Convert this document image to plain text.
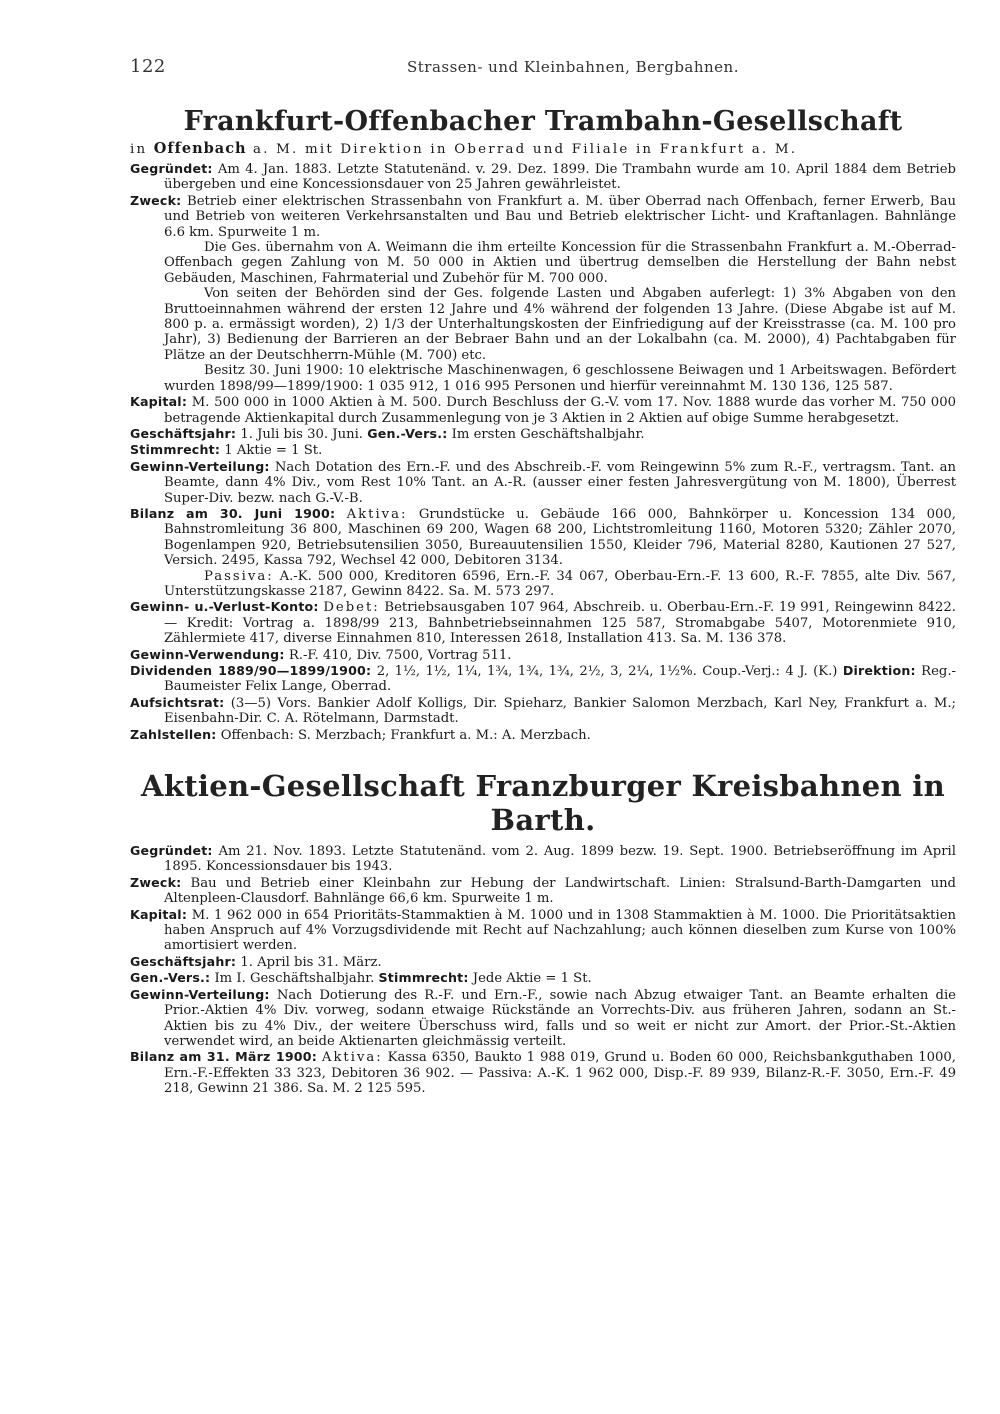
122	Strassen- und Kleinbahnen, Bergbahnen.
Frankfurt-Offenbacher Trambahn-Gesellschaft
in Offenbach a. M. mit Direktion in Oberrad und Filiale in Frankfurt a. M.

Gegründet: Am 4. Jan. 1883. Letzte Statutenänd. v. 29. Dez. 1899. Die Trambahn wurde am 10. April 1884 dem Betrieb übergeben und eine Koncessionsdauer von 25 Jahren gewährleistet.

Zweck: Betrieb einer elektrischen Strassenbahn von Frankfurt a. M. über Oberrad nach Offenbach, ferner Erwerb, Bau und Betrieb von weiteren Verkehrsanstalten und Bau und Betrieb elektrischer Licht- und Kraftanlagen. Bahnlänge 6.6 km. Spurweite 1 m.

Die Ges. übernahm von A. Weimann die ihm erteilte Koncession für die Strassenbahn Frankfurt a. M.-Oberrad-Offenbach gegen Zahlung von M. 50 000 in Aktien und übertrug demselben die Herstellung der Bahn nebst Gebäuden, Maschinen, Fahrmaterial und Zubehör für M. 700 000.

Von seiten der Behörden sind der Ges. folgende Lasten und Abgaben auferlegt: 1) 3% Abgaben von den Bruttoeinnahmen während der ersten 12 Jahre und 4% während der folgenden 13 Jahre. (Diese Abgabe ist auf M. 800 p. a. ermässigt worden), 2) 1/3 der Unterhaltungskosten der Einfriedigung auf der Kreisstrasse (ca. M. 100 pro Jahr), 3) Bedienung der Barrieren an der Bebraer Bahn und an der Lokalbahn (ca. M. 2000), 4) Pachtabgaben für Plätze an der Deutschherrn-Mühle (M. 700) etc.

Besitz 30. Juni 1900: 10 elektrische Maschinenwagen, 6 geschlossene Beiwagen und 1 Arbeitswagen. Befördert wurden 1898/99—1899/1900: 1 035 912, 1 016 995 Personen und hierfür vereinnahmt M. 130 136, 125 587.

Kapital: M. 500 000 in 1000 Aktien à M. 500. Durch Beschluss der G.-V. vom 17. Nov. 1888 wurde das vorher M. 750 000 betragende Aktienkapital durch Zusammenlegung von je 3 Aktien in 2 Aktien auf obige Summe herabgesetzt.

Geschäftsjahr: 1. Juli bis 30. Juni. Gen.-Vers.: Im ersten Geschäftshalbjahr.

Stimmrecht: 1 Aktie = 1 St.

Gewinn-Verteilung: Nach Dotation des Ern.-F. und des Abschreib.-F. vom Reingewinn 5% zum R.-F., vertragsm. Tant. an Beamte, dann 4% Div., vom Rest 10% Tant. an A.-R. (ausser einer festen Jahresvergütung von M. 1800), Überrest Super-Div. bezw. nach G.-V.-B.

Bilanz am 30. Juni 1900: Aktiva: Grundstücke u. Gebäude 166 000, Bahnkörper u. Koncession 134 000, Bahnstromleitung 36 800, Maschinen 69 200, Wagen 68 200, Lichtstromleitung 1160, Motoren 5320; Zähler 2070, Bogenlampen 920, Betriebsutensilien 3050, Bureauutensilien 1550, Kleider 796, Material 8280, Kautionen 27 527, Versich. 2495, Kassa 792, Wechsel 42 000, Debitoren 3134.

Passiva: A.-K. 500 000, Kreditoren 6596, Ern.-F. 34 067, Oberbau-Ern.-F. 13 600, R.-F. 7855, alte Div. 567, Unterstützungskasse 2187, Gewinn 8422. Sa. M. 573 297.

Gewinn- u.-Verlust-Konto: Debet: Betriebsausgaben 107 964, Abschreib. u. Oberbau-Ern.-F. 19 991, Reingewinn 8422. — Kredit: Vortrag a. 1898/99 213, Bahnbetriebseinnahmen 125 587, Stromabgabe 5407, Motorenmiete 910, Zählermiete 417, diverse Einnahmen 810, Interessen 2618, Installation 413. Sa. M. 136 378.

Gewinn-Verwendung: R.-F. 410, Div. 7500, Vortrag 511.

Dividenden 1889/90—1899/1900: 2, 1½, 1½, 1¼, 1¾, 1¾, 1¾, 2½, 3, 2¼, 1½%. Coup.-Verj.: 4 J. (K.) Direktion: Reg.-Baumeister Felix Lange, Oberrad.

Aufsichtsrat: (3—5) Vors. Bankier Adolf Kolligs, Dir. Spieharz, Bankier Salomon Merzbach, Karl Ney, Frankfurt a. M.; Eisenbahn-Dir. C. A. Rötelmann, Darmstadt.

Zahlstellen: Offenbach: S. Merzbach; Frankfurt a. M.: A. Merzbach.

Aktien-Gesellschaft Franzburger Kreisbahnen in Barth.

Gegründet: Am 21. Nov. 1893. Letzte Statutenänd. vom 2. Aug. 1899 bezw. 19. Sept. 1900. Betriebseröffnung im April 1895. Koncessionsdauer bis 1943.

Zweck: Bau und Betrieb einer Kleinbahn zur Hebung der Landwirtschaft. Linien: Stralsund-Barth-Damgarten und Altenpleen-Clausdorf. Bahnlänge 66,6 km. Spurweite 1 m.

Kapital: M. 1 962 000 in 654 Prioritäts-Stammaktien à M. 1000 und in 1308 Stammaktien à M. 1000. Die Prioritätsaktien haben Anspruch auf 4% Vorzugsdividende mit Recht auf Nachzahlung; auch können dieselben zum Kurse von 100% amortisiert werden.

Geschäftsjahr: 1. April bis 31. März.

Gen.-Vers.: Im I. Geschäftshalbjahr. Stimmrecht: Jede Aktie = 1 St.

Gewinn-Verteilung: Nach Dotierung des R.-F. und Ern.-F., sowie nach Abzug etwaiger Tant. an Beamte erhalten die Prior.-Aktien 4% Div. vorweg, sodann etwaige Rückstände an Vorrechts-Div. aus früheren Jahren, sodann an St.-Aktien bis zu 4% Div., der weitere Überschuss wird, falls und so weit er nicht zur Amort. der Prior.-St.-Aktien verwendet wird, an beide Aktienarten gleichmässig verteilt.

Bilanz am 31. März 1900: Aktiva: Kassa 6350, Baukto 1 988 019, Grund u. Boden 60 000, Reichsbankguthaben 1000, Ern.-F.-Effekten 33 323, Debitoren 36 902. — Passiva: A.-K. 1 962 000, Disp.-F. 89 939, Bilanz-R.-F. 3050, Ern.-F. 49 218, Gewinn 21 386. Sa. M. 2 125 595.
